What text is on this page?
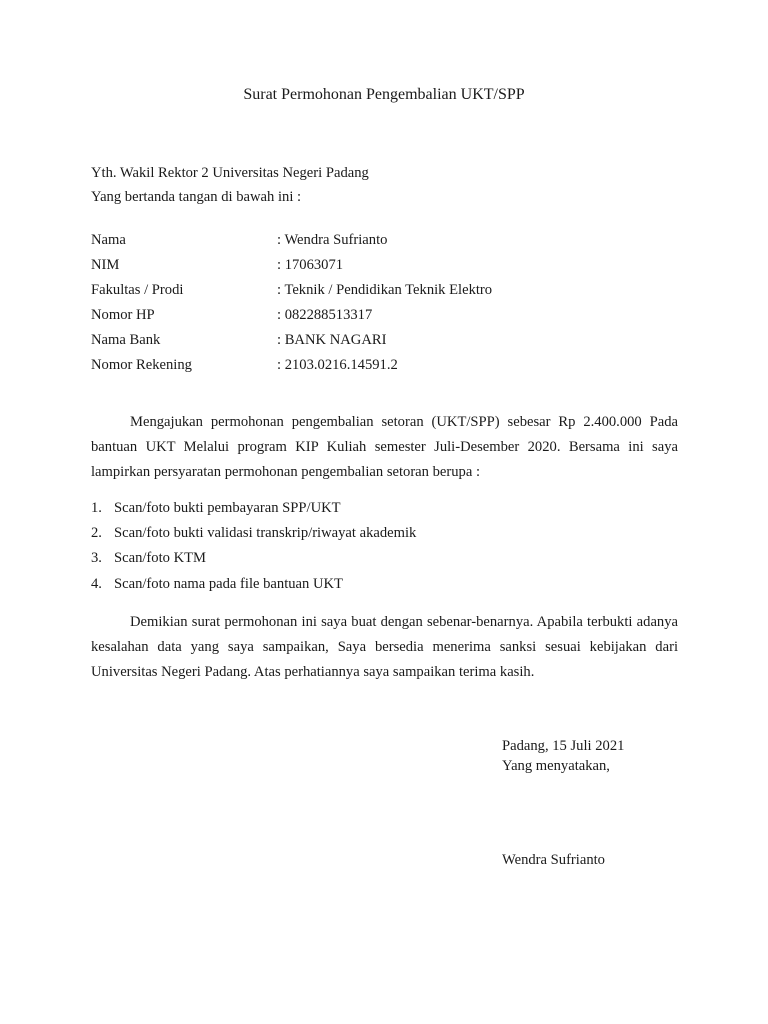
Surat Permohonan Pengembalian UKT/SPP
Yth. Wakil Rektor 2 Universitas Negeri Padang
Yang bertanda tangan di bawah ini :
Nama	: Wendra Sufrianto
NIM	: 17063071
Fakultas / Prodi	: Teknik / Pendidikan Teknik Elektro
Nomor HP	: 082288513317
Nama Bank	: BANK NAGARI
Nomor Rekening	: 2103.0216.14591.2
Mengajukan permohonan pengembalian setoran (UKT/SPP) sebesar Rp 2.400.000 Pada bantuan UKT Melalui program KIP Kuliah semester Juli-Desember 2020. Bersama ini saya lampirkan persyaratan permohonan pengembalian setoran berupa :
1. Scan/foto bukti pembayaran SPP/UKT
2. Scan/foto bukti validasi transkrip/riwayat akademik
3. Scan/foto KTM
4. Scan/foto nama pada file bantuan UKT
Demikian surat permohonan ini saya buat dengan sebenar-benarnya. Apabila terbukti adanya kesalahan data yang saya sampaikan, Saya bersedia menerima sanksi sesuai kebijakan dari Universitas Negeri Padang. Atas perhatiannya saya sampaikan terima kasih.
Padang, 15 Juli 2021
Yang menyatakan,
Wendra Sufrianto
